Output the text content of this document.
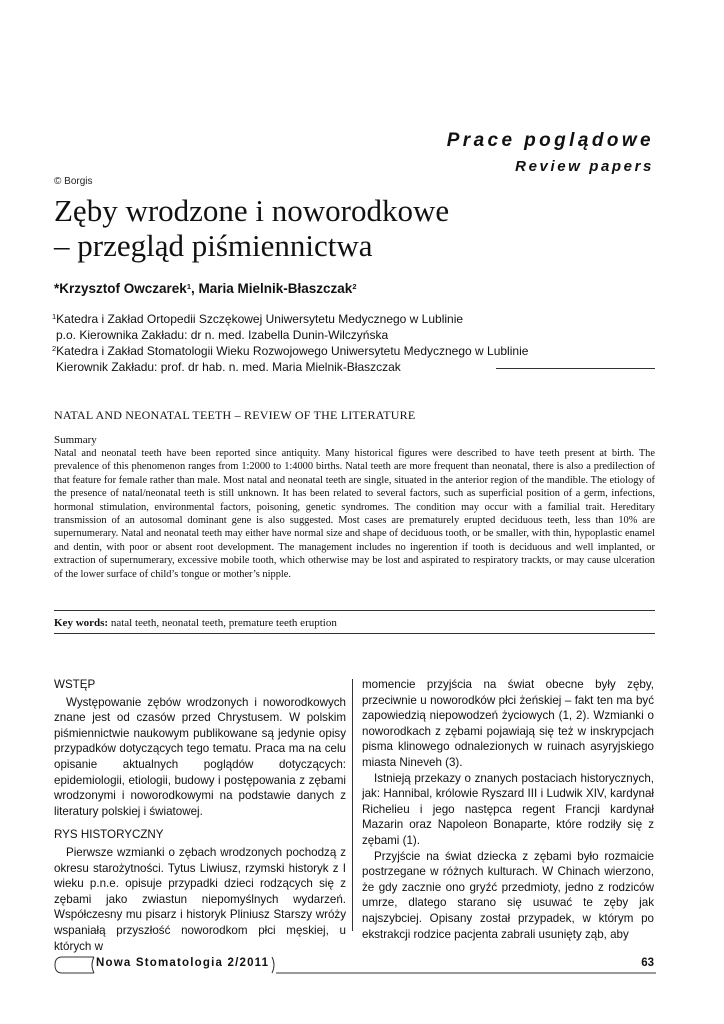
Prace poglądowe
Review papers
© Borgis
Zęby wrodzone i noworodkowe
– przegląd piśmiennictwa
*Krzysztof Owczarek$^1$, Maria Mielnik-Błaszczak$^2$
$^1$Katedra i Zakład Ortopedii Szczękowej Uniwersytetu Medycznego w Lublinie
p.o. Kierownika Zakładu: dr n. med. Izabella Dunin-Wilczyńska
$^2$Katedra i Zakład Stomatologii Wieku Rozwojowego Uniwersytetu Medycznego w Lublinie
Kierownik Zakładu: prof. dr hab. n. med. Maria Mielnik-Błaszczak
NATAL AND NEONATAL TEETH – REVIEW OF THE LITERATURE
Summary
Natal and neonatal teeth have been reported since antiquity. Many historical figures were described to have teeth present at birth. The prevalence of this phenomenon ranges from 1:2000 to 1:4000 births. Natal teeth are more frequent than neonatal, there is also a predilection of that feature for female rather than male. Most natal and neonatal teeth are single, situated in the anterior region of the mandible. The etiology of the presence of natal/neonatal teeth is still unknown. It has been related to several factors, such as superficial position of a germ, infections, hormonal stimulation, environmental factors, poisoning, genetic syndromes. The condition may occur with a familial trait. Hereditary transmission of an autosomal dominant gene is also suggested. Most cases are prematurely erupted deciduous teeth, less than 10% are supernumerary. Natal and neonatal teeth may either have normal size and shape of deciduous tooth, or be smaller, with thin, hypoplastic enamel and dentin, with poor or absent root development. The management includes no ingerention if tooth is deciduous and well implanted, or extraction of supernumerary, excessive mobile tooth, which otherwise may be lost and aspirated to respiratory trackts, or may cause ulceration of the lower surface of child’s tongue or mother’s nipple.
Key words: natal teeth, neonatal teeth, premature teeth eruption
WSTĘP

Występowanie zębów wrodzonych i noworodkowych znane jest od czasów przed Chrystusem. W polskim piśmiennictwie naukowym publikowane są jedynie opisy przypadków dotyczących tego tematu. Praca ma na celu opisanie aktualnych poglądów dotyczących: epidemiologii, etiologii, budowy i postępowania z zębami wrodzonymi i noworodkowymi na podstawie danych z literatury polskiej i światowej.

RYS HISTORYCZNY

Pierwsze wzmianki o zębach wrodzonych pochodzą z okresu starożytności. Tytus Liwiusz, rzymski historyk z I wieku p.n.e. opisuje przypadki dzieci rodzących się z zębami jako zwiastun niepomyślnych wydarzeń. Współczesny mu pisarz i historyk Pliniusz Starszy wróży wspaniałą przyszłość noworodkom płci męskiej, u których w

momencie przyjścia na świat obecne były zęby, przeciwnie u noworodków płci żeńskiej – fakt ten ma być zapowiedzią niepowodzeń życiowych (1, 2). Wzmianki o noworodkach z zębami pojawiają się też w inskrypcjach pisma klinowego odnalezionych w ruinach asyryjskiego miasta Nineveh (3).

Istnieją przekazy o znanych postaciach historycznych, jak: Hannibal, królowie Ryszard III i Ludwik XIV, kardynał Richelieu i jego następca regent Francji kardynał Mazarin oraz Napoleon Bonaparte, które rodziły się z zębami (1).

Przyjście na świat dziecka z zębami było rozmaicie postrzegane w różnych kulturach. W Chinach wierzono, że gdy zacznie ono gryźć przedmioty, jedno z rodziców umrze, dlatego starano się usuwać te zęby jak najszybciej. Opisany został przypadek, w którym po ekstrakcji rodzice pacjenta zabrali usunięty ząb, aby

Nowa Stomatologia 2/2011	63
